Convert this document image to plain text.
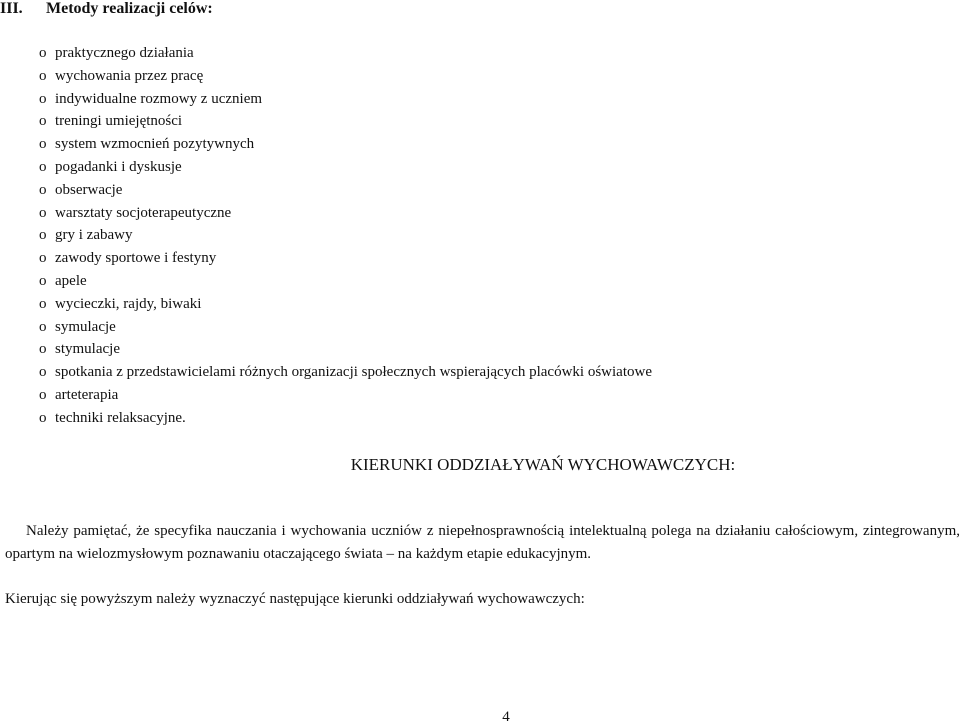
III. Metody realizacji celów:
o praktycznego działania
o wychowania przez pracę
o indywidualne rozmowy z uczniem
o treningi umiejętności
o system wzmocnień pozytywnych
o pogadanki i dyskusje
o obserwacje
o warsztaty socjoterapeutyczne
o gry i zabawy
o zawody sportowe i festyny
o apele
o wycieczki, rajdy, biwaki
o symulacje
o stymulacje
o spotkania z przedstawicielami różnych organizacji społecznych wspierających placówki oświatowe
o arteterapia
o techniki relaksacyjne.
KIERUNKI ODDZIAŁYWAŃ WYCHOWAWCZYCH:

Należy pamiętać, że specyfika nauczania i wychowania uczniów z niepełnosprawnością intelektualną polega na działaniu całościowym, zintegrowanym, opartym na wielozmysłowym poznawaniu otaczającego świata – na każdym etapie edukacyjnym.

Kierując się powyższym należy wyznaczyć następujące kierunki oddziaływań wychowawczych:

4
